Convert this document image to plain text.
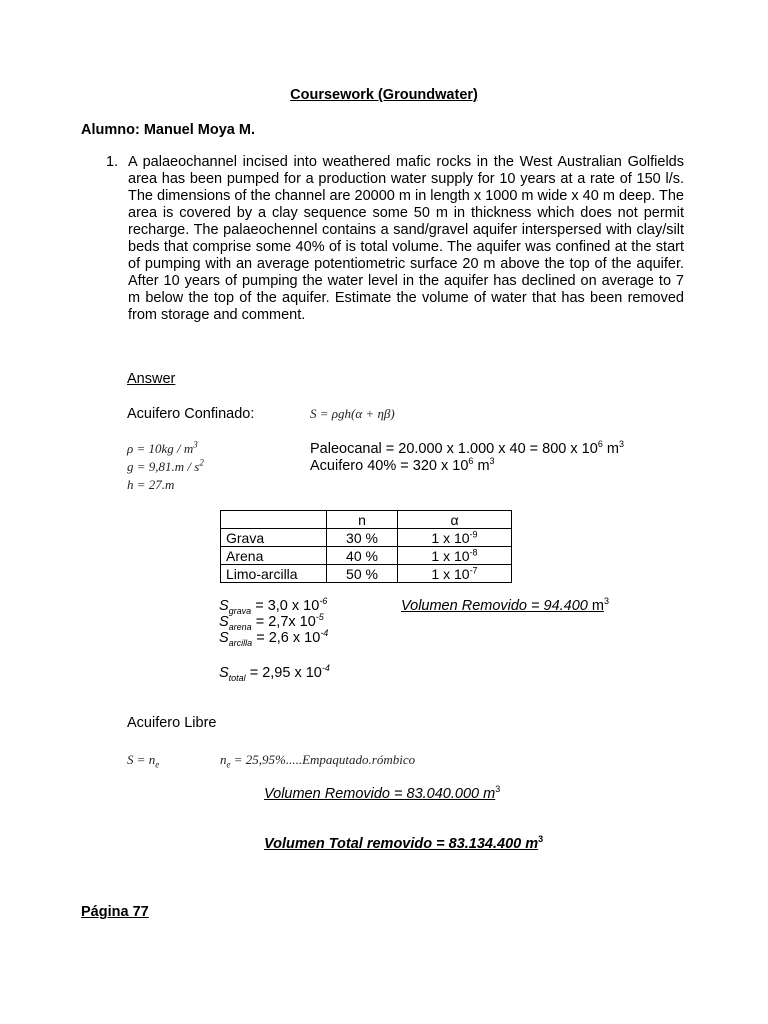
Coursework (Groundwater)
Alumno: Manuel Moya M.
1. A palaeochannel incised into weathered mafic rocks in the West Australian Golfields area has been pumped for a production water supply for 10 years at a rate of 150 l/s. The dimensions of the channel are 20000 m in length x 1000 m wide x 40 m deep. The area is covered by a clay sequence some 50 m in thickness which does not permit recharge. The palaeochennel contains a sand/gravel aquifer interspersed with clay/silt beds that comprise some 40% of is total volume. The aquifer was confined at the start of pumping with an average potentiometric surface 20 m above the top of the aquifer. After 10 years of pumping the water level in the aquifer has declined on average to 7 m below the top of the aquifer. Estimate the volume of water that has been removed from storage and comment.
Answer
Acuifero Confinado:	S = ρgh(α + ηβ)
$\rho = 10kg / m^3$
$g = 9,81.m / s^2$
h = 27.m
Paleocanal = 20.000 x 1.000 x 40 = 800 x $10^6$ $m^3$
Acuifero 40% = 320 x $10^6$ $m^3$
	n	α
Grava	30 %	1 x $10^{-9}$
Arena	40 %	1 x $10^{-8}$
Limo-arcilla	50 %	1 x $10^{-7}$
$S_{grava} = 3,0$ x $10^{-6}$
$S_{arena} = 2,7x$ $10^{-5}$
$S_{arcilla} = 2,6$ x $10^{-4}$
$S_{total} = 2,95$ x $10^{-4}$
Volumen Removido = 94.400 $m^3$
Acuifero Libre
$S = n_e$	$n_e$ = 25,95%.....Empaqutado.rómbico
Volumen Removido = 83.040.000 $m^3$
Volumen Total removido = 83.134.400 $m^3$
Página 77
